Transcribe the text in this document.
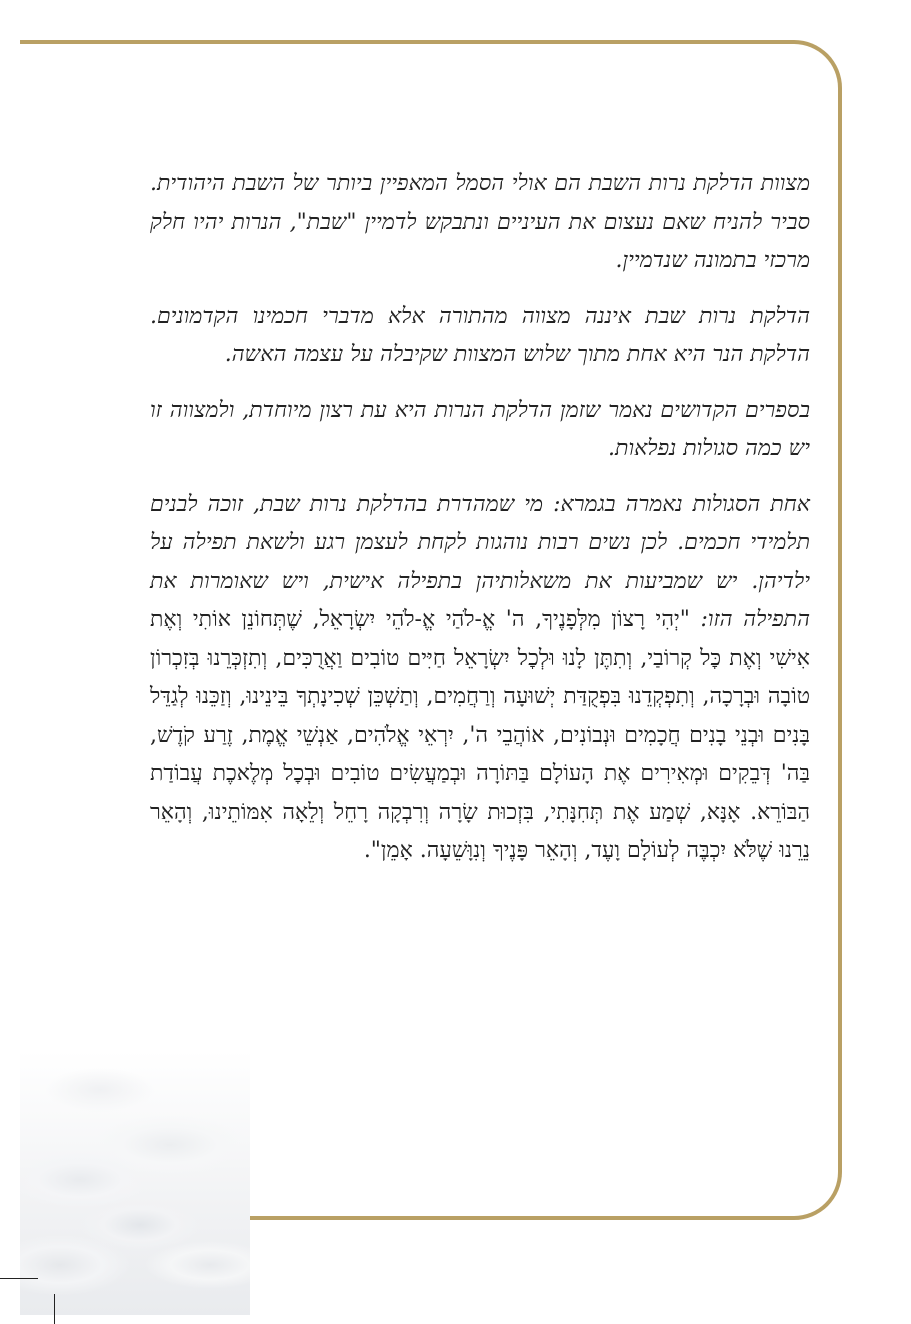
מצוות הדלקת נרות השבת הם אולי הסמל המאפיין ביותר של השבת היהודית. סביר להניח שאם נעצום את העיניים ונתבקש לדמיין "שבת", הנרות יהיו חלק מרכזי בתמונה שנדמיין.

הדלקת נרות שבת איננה מצווה מהתורה אלא מדברי חכמינו הקדמונים. הדלקת הנר היא אחת מתוך שלוש המצוות שקיבלה על עצמה האשה.

בספרים הקדושים נאמר שזמן הדלקת הנרות היא עת רצון מיוחדת, ולמצווה זו יש כמה סגולות נפלאות.

אחת הסגולות נאמרה בגמרא: מי שמהדרת בהדלקת נרות שבת, זוכה לבנים תלמידי חכמים. לכן נשים רבות נוהגות לקחת לעצמן רגע ולשאת תפילה על ילדיהן. יש שמביעות את משאלותיהן בתפילה אישית, ויש שאומרות את התפילה הזו: "יְהִי רָצוֹן מִלְּפָנֶיךָ, ה' אֱ-לֹהַי אֱ-לֹהֵי יִשְׂרָאֵל, שֶׁתְּחוֹנֵן אוֹתִי וְאֶת אִישִׁי וְאֶת כׇּל קְרוֹבַי, וְתִתֶּן לָנוּ וּלְכׇל יִשְׂרָאֵל חַיִּים טוֹבִים וַאֲרֻכִּים, וְתִזְכְּרֵנוּ בְּזִכְרוֹן טוֹבָה וּבְרָכָה, וְתִפְקְדֵנוּ בִּפְקֻדַּת יְשׁוּעָה וְרַחֲמִים, וְתַשְׁכֵּן שְׁכִינָתְךָ בֵּינֵינוּ, וְזַכֵּנוּ לְגַדֵּל בָּנִים וּבְנֵי בָנִים חֲכָמִים וּנְבוֹנִים, אוֹהֲבֵי ה', יִרְאֵי אֱלֹהִים, אַנְשֵׁי אֱמֶת, זֶרַע קֹדֶשׁ, בַּה' דְּבֵקִים וּמְאִירִים אֶת הָעוֹלָם בַּתּוֹרָה וּבְמַעֲשִׂים טוֹבִים וּבְכׇל מְלֶאכֶת עֲבוֹדַת הַבּוֹרֵא. אָנָּא, שְׁמַע אֶת תְּחִנָּתִי, בִּזְכוּת שָׂרָה וְרִבְקָה רָחֵל וְלֵאָה אִמּוֹתֵינוּ, וְהָאֵר נֵרֵנוּ שֶׁלֹּא יִכְבֶּה לְעוֹלָם וָעֶד, וְהָאֵר פָּנֶיךָ וְנִוָּשֵׁעָה. אָמֵן".
